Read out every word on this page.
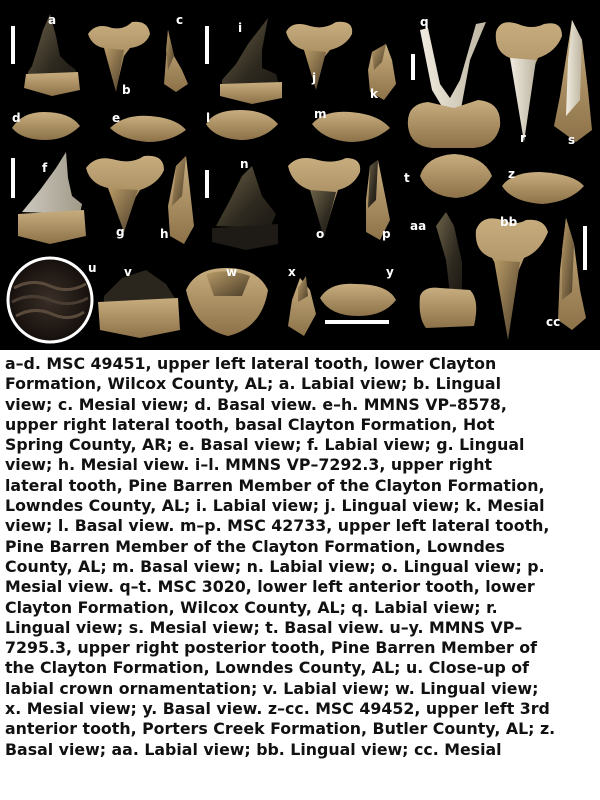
a
b
c
d	e
f
g	h
i
j
k
l	m
n
o	p
q
r	s
t
u v	w	x	y
z
aa	bb
cc
a–d. MSC 49451, upper left lateral tooth, lower Clayton
Formation, Wilcox County, AL; a. Labial view; b. Lingual
view; c. Mesial view; d. Basal view. e–h. MMNS VP–8578,
upper right lateral tooth, basal Clayton Formation, Hot
Spring County, AR; e. Basal view; f. Labial view; g. Lingual
view; h. Mesial view. i–l. MMNS VP–7292.3, upper right
lateral tooth, Pine Barren Member of the Clayton Formation,
Lowndes County, AL; i. Labial view; j. Lingual view; k. Mesial
view; l. Basal view. m–p. MSC 42733, upper left lateral tooth,
Pine Barren Member of the Clayton Formation, Lowndes
County, AL; m. Basal view; n. Labial view; o. Lingual view; p.
Mesial view. q–t. MSC 3020, lower left anterior tooth, lower
Clayton Formation, Wilcox County, AL; q. Labial view; r.
Lingual view; s. Mesial view; t. Basal view. u–y. MMNS VP–
7295.3, upper right posterior tooth, Pine Barren Member of
the Clayton Formation, Lowndes County, AL; u. Close-up of
labial crown ornamentation; v. Labial view; w. Lingual view;
x. Mesial view; y. Basal view. z–cc. MSC 49452, upper left 3rd
anterior tooth, Porters Creek Formation, Butler County, AL; z.
Basal view; aa. Labial view; bb. Lingual view; cc. Mesial
